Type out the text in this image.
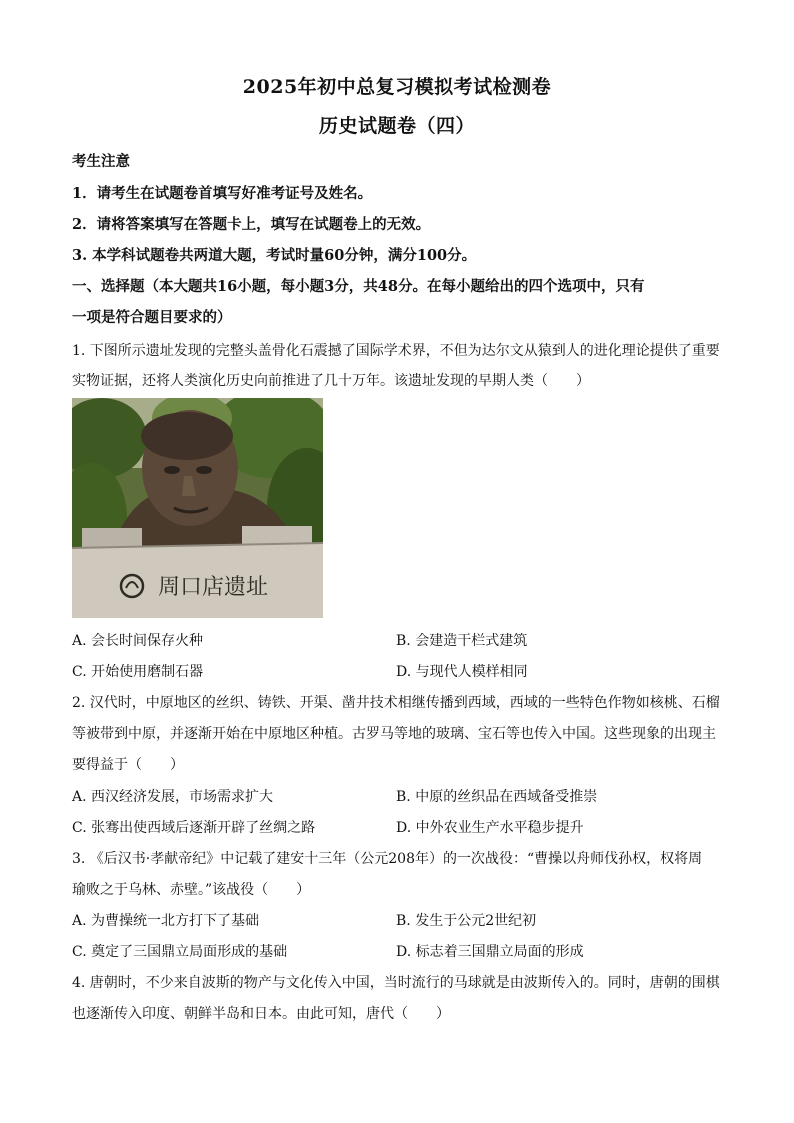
2025年初中总复习模拟考试检测卷
历史试题卷（四）
考生注意
1．请考生在试题卷首填写好准考证号及姓名。
2．请将答案填写在答题卡上，填写在试题卷上的无效。
3. 本学科试题卷共两道大题，考试时量60分钟，满分100分。
一、选择题（本大题共16小题，每小题3分，共48分。在每小题给出的四个选项中，只有
一项是符合题目要求的）
1. 下图所示遗址发现的完整头盖骨化石震撼了国际学术界，不但为达尔文从猿到人的进化理论提供了重要
实物证据，还将人类演化历史向前推进了几十万年。该遗址发现的早期人类（　　）
周口店遗址
A. 会长时间保存火种	B. 会建造干栏式建筑
C. 开始使用磨制石器	D. 与现代人模样相同
2. 汉代时，中原地区的丝织、铸铁、开渠、凿井技术相继传播到西域，西域的一些特色作物如核桃、石榴
等被带到中原，并逐渐开始在中原地区种植。古罗马等地的玻璃、宝石等也传入中国。这些现象的出现主
要得益于（　　）
A. 西汉经济发展，市场需求扩大	B. 中原的丝织品在西域备受推崇
C. 张骞出使西域后逐渐开辟了丝绸之路	D. 中外农业生产水平稳步提升
3. 《后汉书·孝献帝纪》中记载了建安十三年（公元208年）的一次战役：“曹操以舟师伐孙权，权将周
瑜败之于乌林、赤壁。”该战役（　　）
A. 为曹操统一北方打下了基础	B. 发生于公元2世纪初
C. 奠定了三国鼎立局面形成的基础	D. 标志着三国鼎立局面的形成
4. 唐朝时，不少来自波斯的物产与文化传入中国，当时流行的马球就是由波斯传入的。同时，唐朝的围棋
也逐渐传入印度、朝鲜半岛和日本。由此可知，唐代（　　）
